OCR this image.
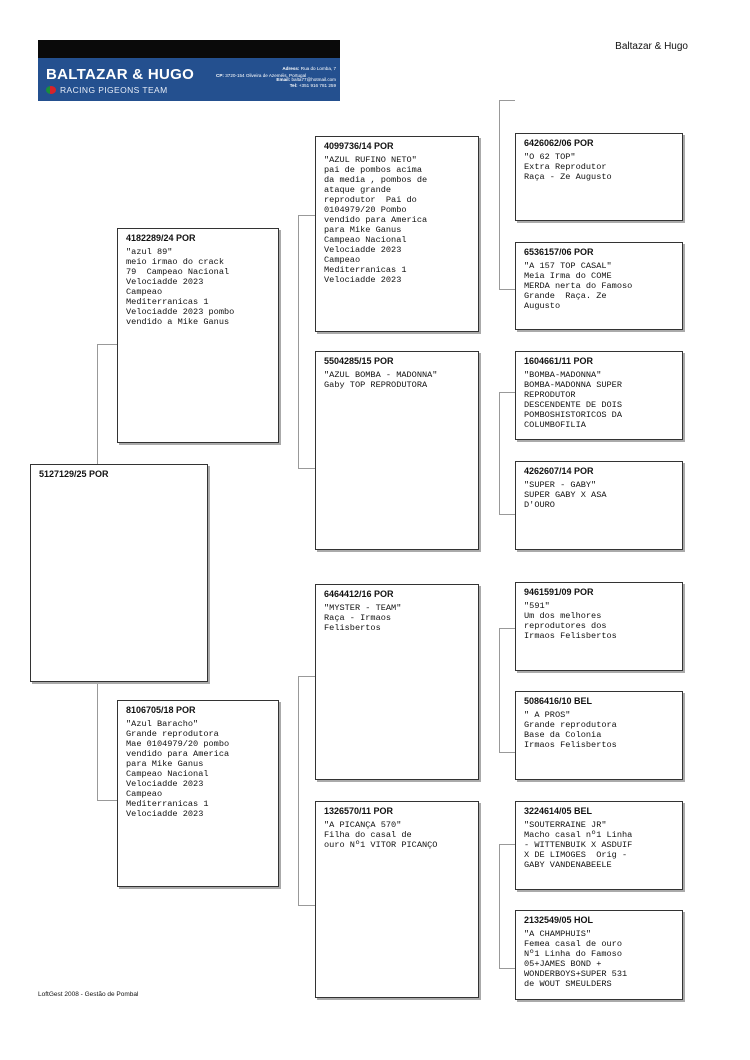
Baltazar & Hugo
BALTAZAR & HUGO
RACING PIGEONS TEAM
CP: 3720-154 Oliveira de Azeméis, Portugal
Adress: Rua do Lomba, 7

Email: balta77@hotmail.com
Tel: +351 916 781 259
5127129/25 POR
4182289/24 POR
"azul 89"
meio irmao do crack
79  Campeao Nacional
Velociadde 2023
Campeao
Mediterranicas 1
Velociadde 2023 pombo
vendido a Mike Ganus
8106705/18 POR
"Azul Baracho"
Grande reprodutora
Mae 0104979/20 pombo
vendido para America
para Mike Ganus
Campeao Nacional
Velociadde 2023
Campeao
Mediterranicas 1
Velociadde 2023
4099736/14 POR
"AZUL RUFINO NETO"
pai de pombos acima
da media , pombos de
ataque grande
reprodutor  Pai do
0104979/20 Pombo
vendido para America
para Mike Ganus
Campeao Nacional
Velociadde 2023
Campeao
Mediterranicas 1
Velociadde 2023
5504285/15 POR
"AZUL BOMBA - MADONNA"
Gaby TOP REPRODUTORA
6464412/16 POR
"MYSTER - TEAM"
Raça - Irmaos
Felisbertos
1326570/11 POR
"A PICANÇA 570"
Filha do casal de
ouro Nº1 VITOR PICANÇO
6426062/06 POR
"O 62 TOP"
Extra Reprodutor
Raça - Ze Augusto
6536157/06 POR
"A 157 TOP CASAL"
Meia Irma do COME
MERDA nerta do Famoso
Grande  Raça. Ze
Augusto
1604661/11 POR
"BOMBA-MADONNA"
BOMBA-MADONNA SUPER
REPRODUTOR
DESCENDENTE DE DOIS
POMBOSHISTORICOS DA
COLUMBOFILIA
4262607/14 POR
"SUPER - GABY"
SUPER GABY X ASA
D'OURO
9461591/09 POR
"591"
Um dos melhores
reprodutores dos
Irmaos Felisbertos
5086416/10 BEL
" A PROS"
Grande reprodutora
Base da Colonia
Irmaos Felisbertos
3224614/05 BEL
"SOUTERRAINE JR"
Macho casal nº1 Linha
- WITTENBUIK X ASDUIF
X DE LIMOGES  Orig -
GABY VANDENABEELE
2132549/05 HOL
"A CHAMPHUIS"
Femea casal de ouro
Nº1 Linha do Famoso
05+JAMES BOND +
WONDERBOYS+SUPER 531
de WOUT SMEULDERS
LoftGest 2008 - Gestão de Pombal
